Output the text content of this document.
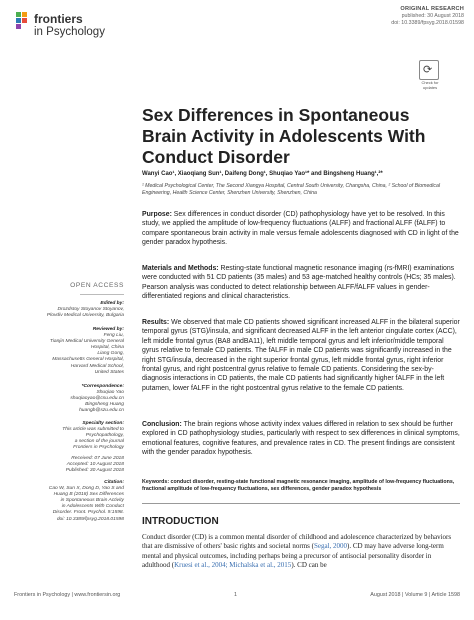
frontiers
in Psychology
ORIGINAL RESEARCH
published: 30 August 2018
doi: 10.3389/fpsyg.2018.01598
⟳
Check for updates
Sex Differences in Spontaneous Brain Activity in Adolescents With Conduct Disorder
Wanyi Cao¹, Xiaoqiang Sun¹, Daifeng Dong¹, Shuqiao Yao¹* and Bingsheng Huang¹,²*
¹ Medical Psychological Center, The Second Xiangya Hospital, Central South University, Changsha, China, ² School of Biomedical Engineering, Health Science Center, Shenzhen University, Shenzhen, China
Purpose: Sex differences in conduct disorder (CD) pathophysiology have yet to be resolved. In this study, we applied the amplitude of low-frequency fluctuations (ALFF) and fractional ALFF (fALFF) to compare spontaneous brain activity in male versus female adolescents diagnosed with CD in light of the gender paradox hypothesis.
Materials and Methods: Resting-state functional magnetic resonance imaging (rs-fMRI) examinations were conducted with 51 CD patients (35 males) and 53 age-matched healthy controls (HCs; 35 males). Pearson analysis was conducted to detect relationship between ALFF/fALFF values in gender-differentiated regions and clinical characteristics.
Results: We observed that male CD patients showed significant increased ALFF in the bilateral superior temporal gyrus (STG)/insula, and significant decreased ALFF in the left anterior cingulate cortex (ACC), left middle frontal gyrus (BA8 andBA11), left middle temporal gyrus and left inferior/middle temporal gyrus relative to female CD patients. The fALFF in male CD patients was significantly increased in the right STG/insula, decreased in the right superior frontal gyrus, left middle frontal gyrus, right inferior frontal gyrus, and right postcentral gyrus relative to female CD patients. Considering the sex-by-diagnosis interactions in CD patients, the male CD patients had significantly higher fALFF in the left putamen, lower fALFF in the right postcentral gyrus relative to the female CD patients.
Conclusion: The brain regions whose activity index values differed in relation to sex should be further explored in CD pathophysiology studies, particularly with respect to sex differences in clinical symptoms, emotional features, cognitive features, and prevalence rates in CD. The present findings are consistent with the gender paradox hypothesis.
Keywords: conduct disorder, resting-state functional magnetic resonance imaging, amplitude of low-frequency fluctuations, fractional amplitude of low-frequency fluctuations, sex differences, gender paradox hypothesis
INTRODUCTION
Conduct disorder (CD) is a common mental disorder of childhood and adolescence characterized by behaviors that are dismissive of others' basic rights and societal norms (Segal, 2000). CD may have adverse long-term mental and physical outcomes, including perhaps being a precursor of antisocial personality disorder in adulthood (Kruesi et al., 2004; Michalska et al., 2015). CD can be
OPEN ACCESS
Edited by:
Drozdstoy Stoyanov Stoyanov,
Plovdiv Medical University, Bulgaria
Reviewed by:
Feng Liu,
Tianjin Medical University General
Hospital, China
Liang Gong,
Massachusetts General Hospital,
Harvard Medical School,
United States
*Correspondence:
Shuqiao Yao
shuqiaoyao@csu.edu.cn
Bingsheng Huang
huangb@szu.edu.cn
Specialty section:
This article was submitted to
Psychopathology,
a section of the journal
Frontiers in Psychology
Received: 07 June 2018
Accepted: 10 August 2018
Published: 30 August 2018
Citation:
Cao W, Sun X, Dong D, Yao S and
Huang B (2018) Sex Differences
in Spontaneous Brain Activity
in Adolescents With Conduct
Disorder. Front. Psychol. 9:1598.
doi: 10.3389/fpsyg.2018.01598
Frontiers in Psychology | www.frontiersin.org	1	August 2018 | Volume 9 | Article 1598
